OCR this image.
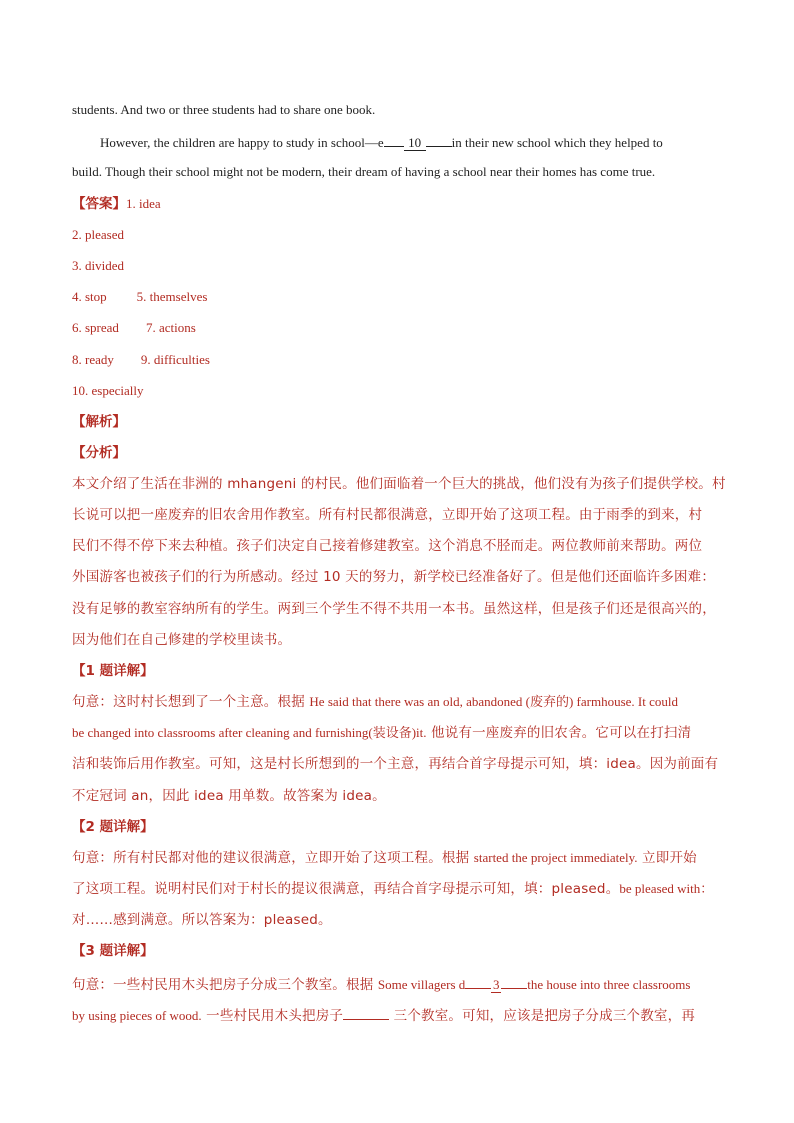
students. And two or three students had to share one book.
However, the children are happy to study in school—e 10 in their new school which they helped to
build. Though their school might not be modern, their dream of having a school near their homes has come true.
【答案】1. idea
2. pleased
3. divided
4. stop 5. themselves
6. spread 7. actions
8. ready 9. difficulties
10. especially
【解析】
【分析】
本文介绍了生活在非洲的 mhangeni 的村民。他们面临着一个巨大的挑战，他们没有为孩子们提供学校。村
长说可以把一座废弃的旧农舍用作教室。所有村民都很满意，立即开始了这项工程。由于雨季的到来，村
民们不得不停下来去种植。孩子们决定自己接着修建教室。这个消息不胫而走。两位教师前来帮助。两位
外国游客也被孩子们的行为所感动。经过 10 天的努力，新学校已经准备好了。但是他们还面临许多困难：
没有足够的教室容纳所有的学生。两到三个学生不得不共用一本书。虽然这样，但是孩子们还是很高兴的，
因为他们在自己修建的学校里读书。
【1 题详解】
句意：这时村长想到了一个主意。根据 He said that there was an old, abandoned (废弃的) farmhouse. It could
be changed into classrooms after cleaning and furnishing(装设备)it. 他说有一座废弃的旧农舍。它可以在打扫清
洁和装饰后用作教室。可知，这是村长所想到的一个主意，再结合首字母提示可知，填：idea。因为前面有
不定冠词 an，因此 idea 用单数。故答案为 idea。
【2 题详解】
句意：所有村民都对他的建议很满意，立即开始了这项工程。根据 started the project immediately. 立即开始
了这项工程。说明村民们对于村长的提议很满意，再结合首字母提示可知，填：pleased。be pleased with：
对……感到满意。所以答案为：pleased。
【3 题详解】
句意：一些村民用木头把房子分成三个教室。根据 Some villagers d 3 the house into three classrooms
by using pieces of wood. 一些村民用木头把房子	三个教室。可知，应该是把房子分成三个教室，再
